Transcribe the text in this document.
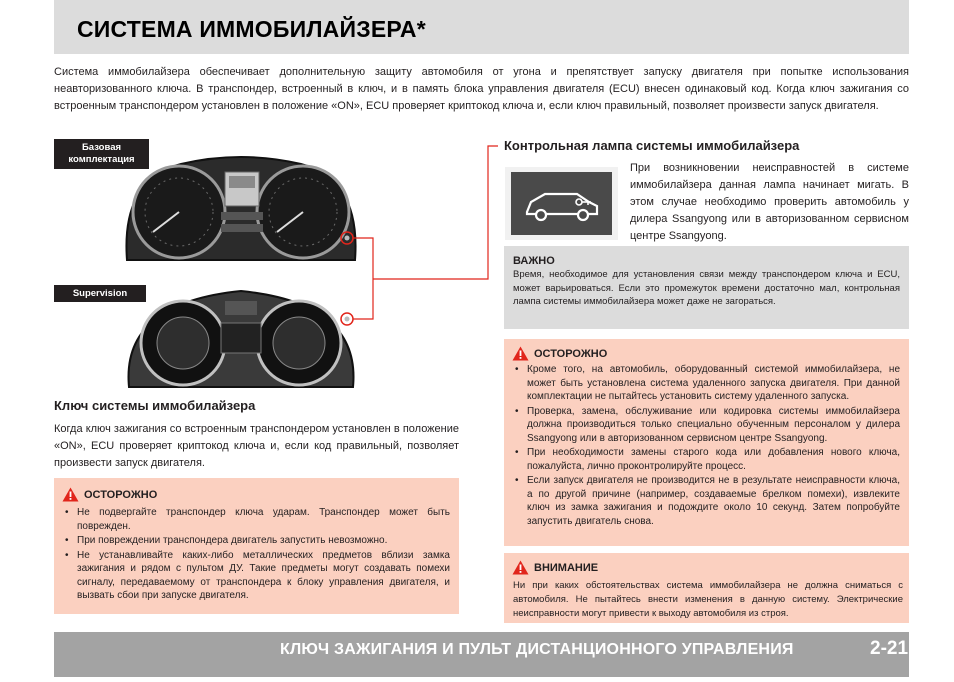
СИСТЕМА ИММОБИЛАЙЗЕРА*
Система иммобилайзера обеспечивает дополнительную защиту автомобиля от угона и препятствует запуску двигателя при попытке использования неавторизованного ключа. В транспондер, встроенный в ключ, и в память блока управления двигателя (ECU) внесен одинаковый код. Когда ключ зажигания со встроенным транспондером установлен в положение «ON», ECU проверяет криптокод ключа и, если ключ правильный, позволяет произвести запуск двигателя.
Базовая
комплектация
Supervision
Ключ системы иммобилайзера
Когда ключ зажигания со встроенным транспондером установлен в положение «ON», ECU проверяет криптокод ключа и, если код правильный, позволяет произвести запуск двигателя.
ОСТОРОЖНО
• Не подвергайте транспондер ключа ударам. Транспондер может быть поврежден.
• При повреждении транспондера двигатель запустить невозможно.
• Не устанавливайте каких-либо металлических предметов вблизи замка зажигания и рядом с пультом ДУ. Такие предметы могут создавать помехи сигналу, передаваемому от транспондера к блоку управления двигателя, и вызвать сбои при запуске двигателя.
Контрольная лампа системы иммобилайзера
При возникновении неисправностей в системе иммобилайзера данная лампа начинает мигать. В этом случае необходимо проверить автомобиль у дилера Ssangyong или в авторизованном сервисном центре Ssangyong.
ВАЖНО
Время, необходимое для установления связи между транспондером ключа и ECU, может варьироваться. Если это промежуток времени достаточно мал, контрольная лампа системы иммобилайзера может даже не загораться.
ОСТОРОЖНО
• Кроме того, на автомобиль, оборудованный системой иммобилайзера, не может быть установлена система удаленного запуска двигателя. При данной комплектации не пытайтесь установить систему удаленного запуска.
• Проверка, замена, обслуживание или кодировка системы иммобилайзера должна производиться только специально обученным персоналом у дилера Ssangyong или в авторизованном сервисном центре Ssangyong.
• При необходимости замены старого кода или добавления нового ключа, пожалуйста, лично проконтролируйте процесс.
• Если запуск двигателя не производится не в результате неисправности ключа, а по другой причине (например, создаваемые брелком помехи), извлеките ключ из замка зажигания и подождите около 10 секунд. Затем попробуйте запустить двигатель снова.
ВНИМАНИЕ
Ни при каких обстоятельствах система иммобилайзера не должна сниматься с автомобиля. Не пытайтесь внести изменения в данную систему. Электрические неисправности могут привести к выходу автомобиля из строя.
КЛЮЧ ЗАЖИГАНИЯ И ПУЛЬТ ДИСТАНЦИОННОГО УПРАВЛЕНИЯ	2-21
